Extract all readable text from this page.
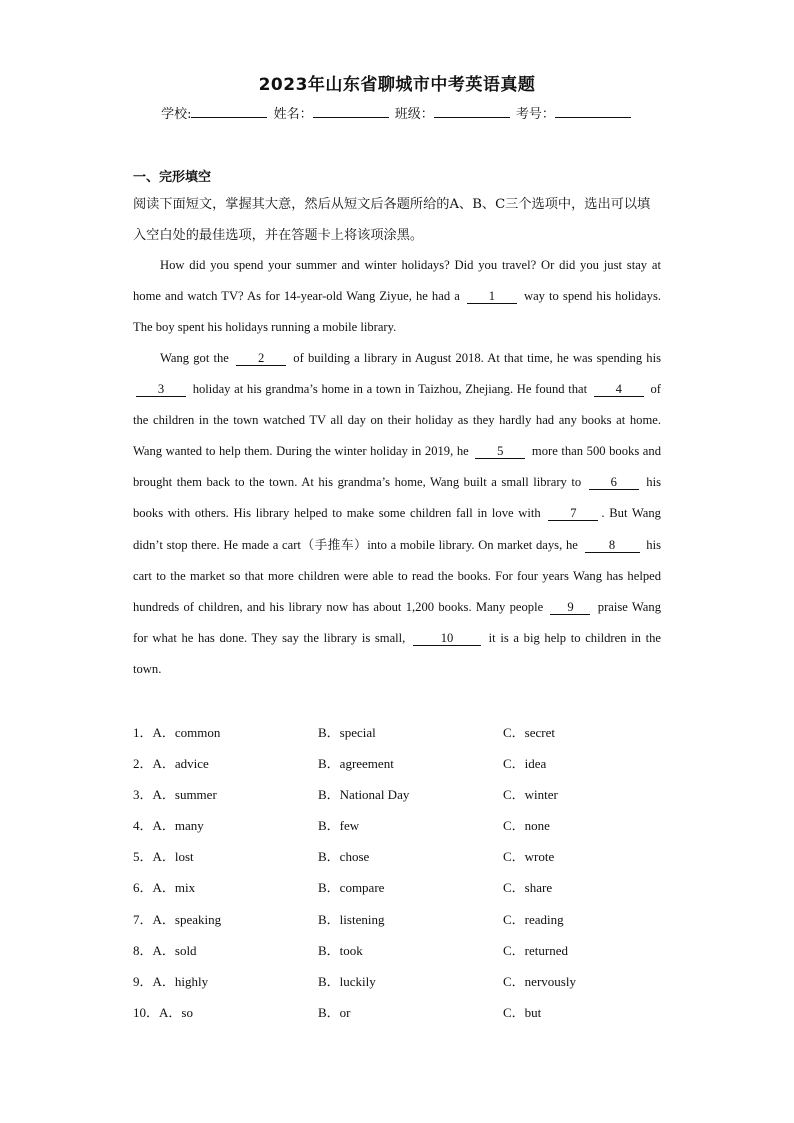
2023年山东省聊城市中考英语真题
学校:	姓名：	班级：	考号：
一、完形填空
阅读下面短文，掌握其大意，然后从短文后各题所给的A、B、C三个选项中，选出可以填入空白处的最佳选项，并在答题卡上将该项涂黑。
How did you spend your summer and winter holidays? Did you travel? Or did you just stay at home and watch TV? As for 14-year-old Wang Ziyue, he had a 1 way to spend his holidays. The boy spent his holidays running a mobile library.
Wang got the 2 of building a library in August 2018. At that time, he was spending his 3 holiday at his grandma’s home in a town in Taizhou, Zhejiang. He found that 4 of the children in the town watched TV all day on their holiday as they hardly had any books at home. Wang wanted to help them. During the winter holiday in 2019, he 5 more than 500 books and brought them back to the town. At his grandma’s home, Wang built a small library to 6 his books with others. His library helped to make some children fall in love with 7 . But Wang didn’t stop there. He made a cart（手推车）into a mobile library. On market days, he 8 his cart to the market so that more children were able to read the books. For four years Wang has helped hundreds of children, and his library now has about 1,200 books. Many people 9 praise Wang for what he has done. They say the library is small,	10	it is a big help to children in the town.
1．A．common	B．special	C．secret
2．A．advice	B．agreement	C．idea
3．A．summer	B．National Day	C．winter
4．A．many	B．few	C．none
5．A．lost	B．chose	C．wrote
6．A．mix	B．compare	C．share
7．A．speaking	B．listening	C．reading
8．A．sold	B．took	C．returned
9．A．highly	B．luckily	C．nervously
10．A．so	B．or	C．but
